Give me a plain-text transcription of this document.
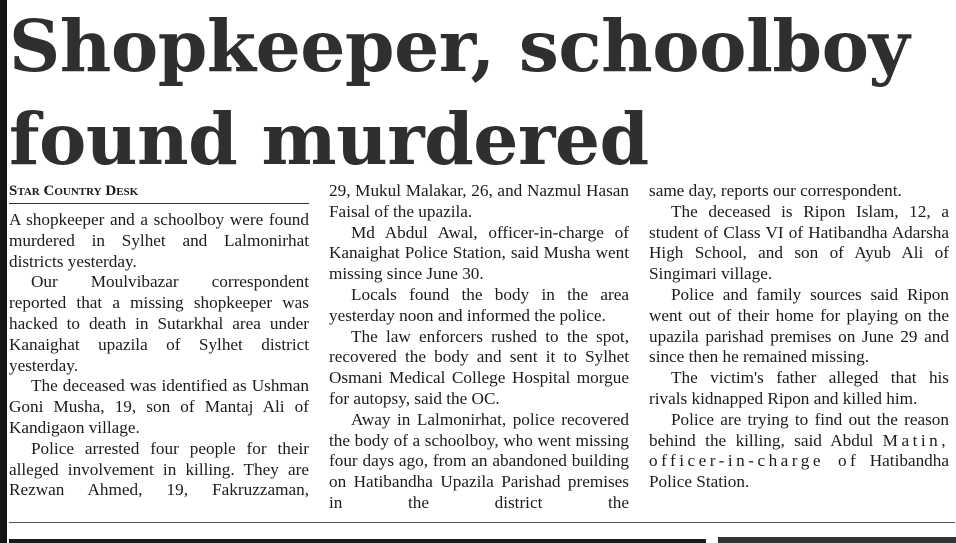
Shopkeeper, schoolboy
found murdered
Star Country Desk

A shopkeeper and a schoolboy were found murdered in Sylhet and Lalmonirhat districts yesterday.

Our Moulvibazar correspondent reported that a missing shopkeeper was hacked to death in Sutarkhal area under Kanaighat upazila of Sylhet district yesterday.

The deceased was identified as Ushman Goni Musha, 19, son of Mantaj Ali of Kandigaon village.

Police arrested four people for their alleged involvement in killing. They are Rezwan Ahmed, 19, Fakruzzaman,

29, Mukul Malakar, 26, and Nazmul Hasan Faisal of the upazila.

Md Abdul Awal, officer-in-charge of Kanaighat Police Station, said Musha went missing since June 30.

Locals found the body in the area yesterday noon and informed the police.

The law enforcers rushed to the spot, recovered the body and sent it to Sylhet Osmani Medical College Hospital morgue for autopsy, said the OC.

Away in Lalmonirhat, police recovered the body of a schoolboy, who went missing four days ago, from an abandoned building on Hatibandha Upazila Parishad premises in the district the

same day, reports our correspondent.

The deceased is Ripon Islam, 12, a student of Class VI of Hatibandha Adarsha High School, and son of Ayub Ali of Singimari village.

Police and family sources said Ripon went out of their home for playing on the upazila parishad premises on June 29 and since then he remained missing.

The victim's father alleged that his rivals kidnapped Ripon and killed him.

Police are trying to find out the reason behind the killing, said Abdul Matin, officer-in-charge of Hatibandha Police Station.
